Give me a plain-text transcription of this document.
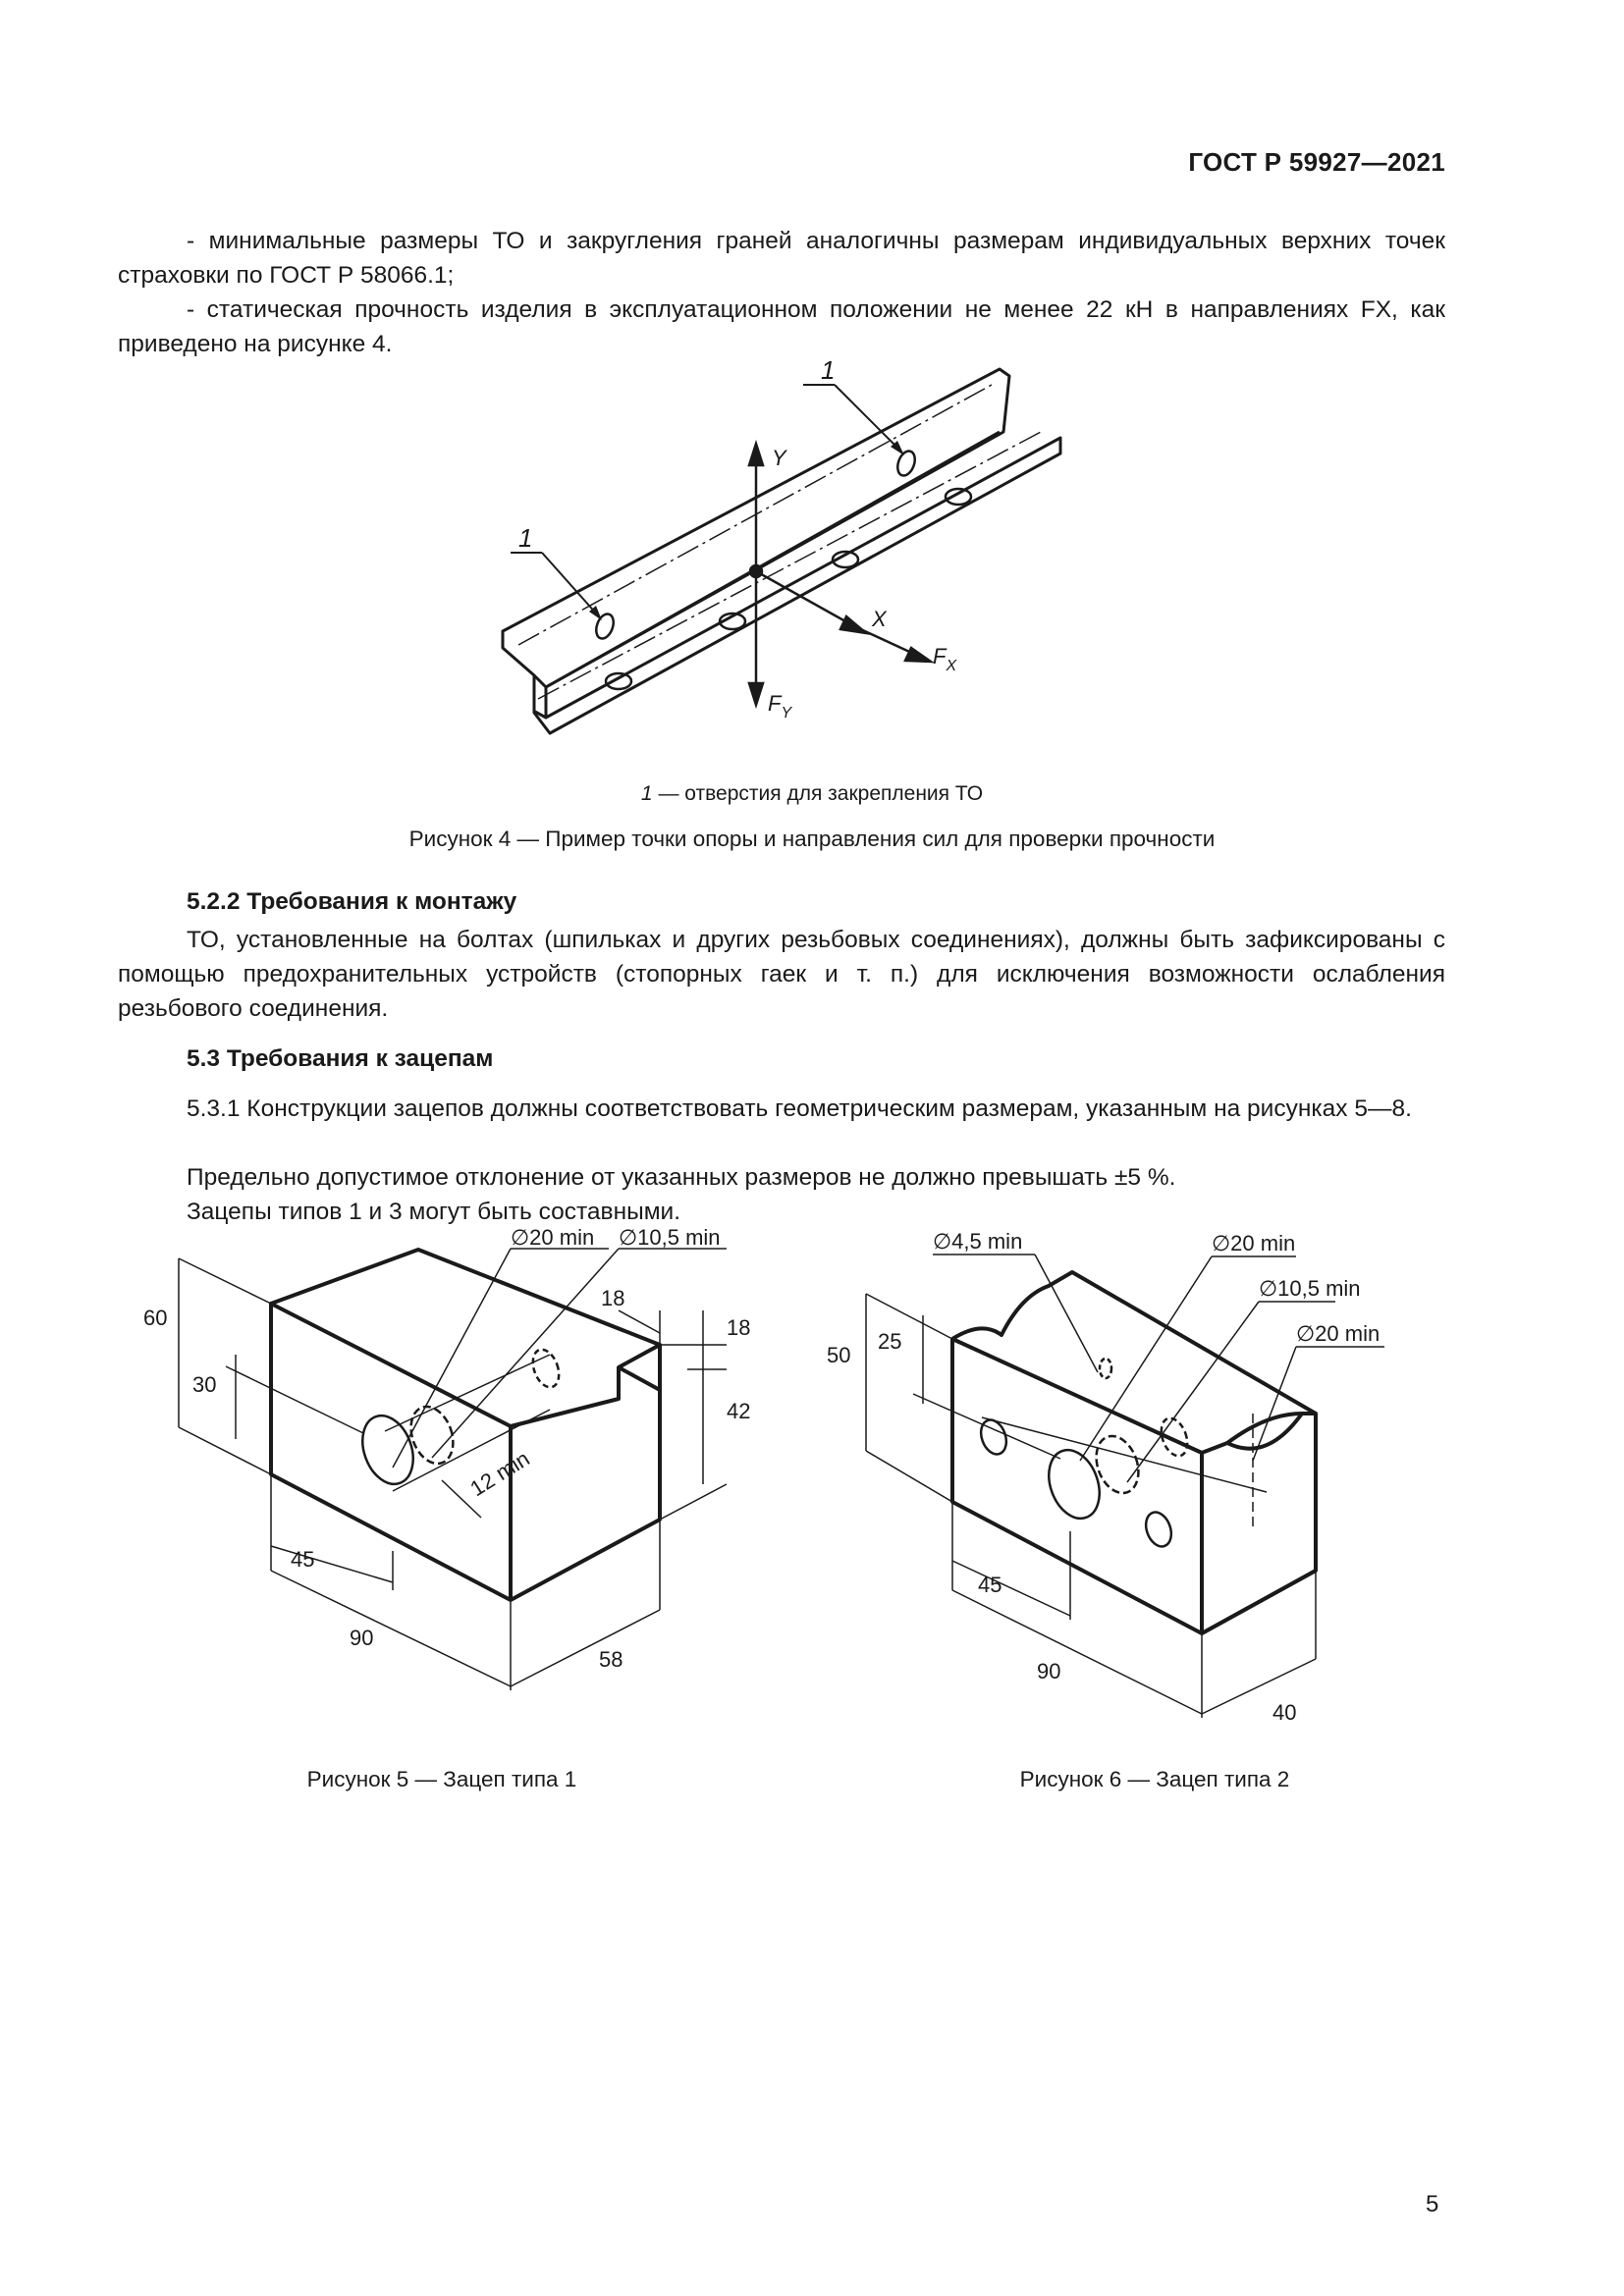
ГОСТ Р 59927—2021
- минимальные размеры ТО и закругления граней аналогичны размерам индивидуальных верхних точек страховки по ГОСТ Р 58066.1;
- статическая прочность изделия в эксплуатационном положении не менее 22 кН в направлениях FX, как приведено на рисунке 4.
1
1
Y
X
$F_X$
$F_Y$
1 — отверстия для закрепления ТО
Рисунок 4 — Пример точки опоры и направления сил для проверки прочности
5.2.2 Требования к монтажу
ТО, установленные на болтах (шпильках и других резьбовых соединениях), должны быть зафиксированы с помощью предохранительных устройств (стопорных гаек и т. п.) для исключения возможности ослабления резьбового соединения.
5.3 Требования к зацепам
5.3.1 Конструкции зацепов должны соответствовать геометрическим размерам, указанным на рисунках 5—8.
Предельно допустимое отклонение от указанных размеров не должно превышать ±5 %.
Зацепы типов 1 и 3 могут быть составными.
∅20 min ∅10,5 min
60
30
18
18
42
12 min
45
90
58
∅4,5 min	∅20 min
∅10,5 min
∅20 min
50
25
45
90
40
Рисунок 5 — Зацеп типа 1	Рисунок 6 — Зацеп типа 2
5
